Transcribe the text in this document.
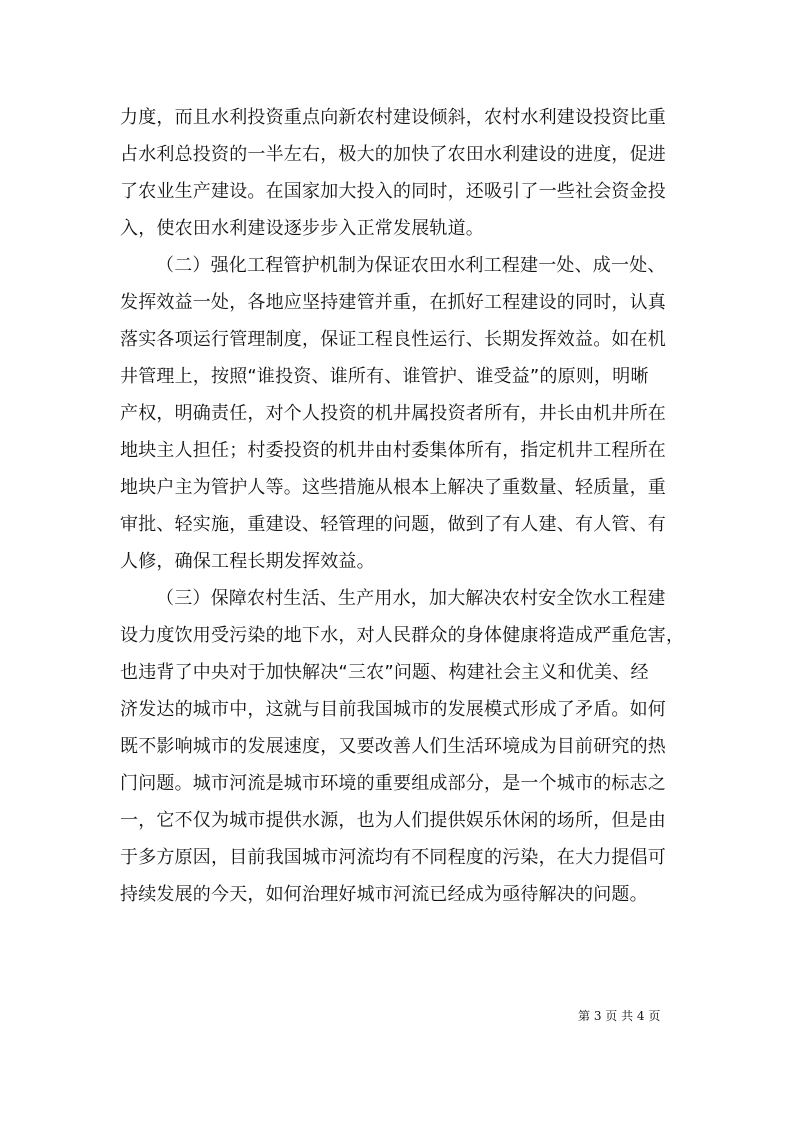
力度，而且水利投资重点向新农村建设倾斜，农村水利建设投资比重
占水利总投资的一半左右，极大的加快了农田水利建设的进度，促进
了农业生产建设。在国家加大投入的同时，还吸引了一些社会资金投
入，使农田水利建设逐步步入正常发展轨道。
（二）强化工程管护机制为保证农田水利工程建一处、成一处、
发挥效益一处，各地应坚持建管并重，在抓好工程建设的同时，认真
落实各项运行管理制度，保证工程良性运行、长期发挥效益。如在机
井管理上，按照“谁投资、谁所有、谁管护、谁受益”的原则，明晰
产权，明确责任，对个人投资的机井属投资者所有，井长由机井所在
地块主人担任；村委投资的机井由村委集体所有，指定机井工程所在
地块户主为管护人等。这些措施从根本上解决了重数量、轻质量，重
审批、轻实施，重建设、轻管理的问题，做到了有人建、有人管、有
人修，确保工程长期发挥效益。
（三）保障农村生活、生产用水，加大解决农村安全饮水工程建
设力度饮用受污染的地下水，对人民群众的身体健康将造成严重危害，
也违背了中央对于加快解决“三农”问题、构建社会主义和优美、经
济发达的城市中，这就与目前我国城市的发展模式形成了矛盾。如何
既不影响城市的发展速度，又要改善人们生活环境成为目前研究的热
门问题。城市河流是城市环境的重要组成部分，是一个城市的标志之
一，它不仅为城市提供水源，也为人们提供娱乐休闲的场所，但是由
于多方原因，目前我国城市河流均有不同程度的污染，在大力提倡可
持续发展的今天，如何治理好城市河流已经成为亟待解决的问题。
第 3 页 共 4 页
